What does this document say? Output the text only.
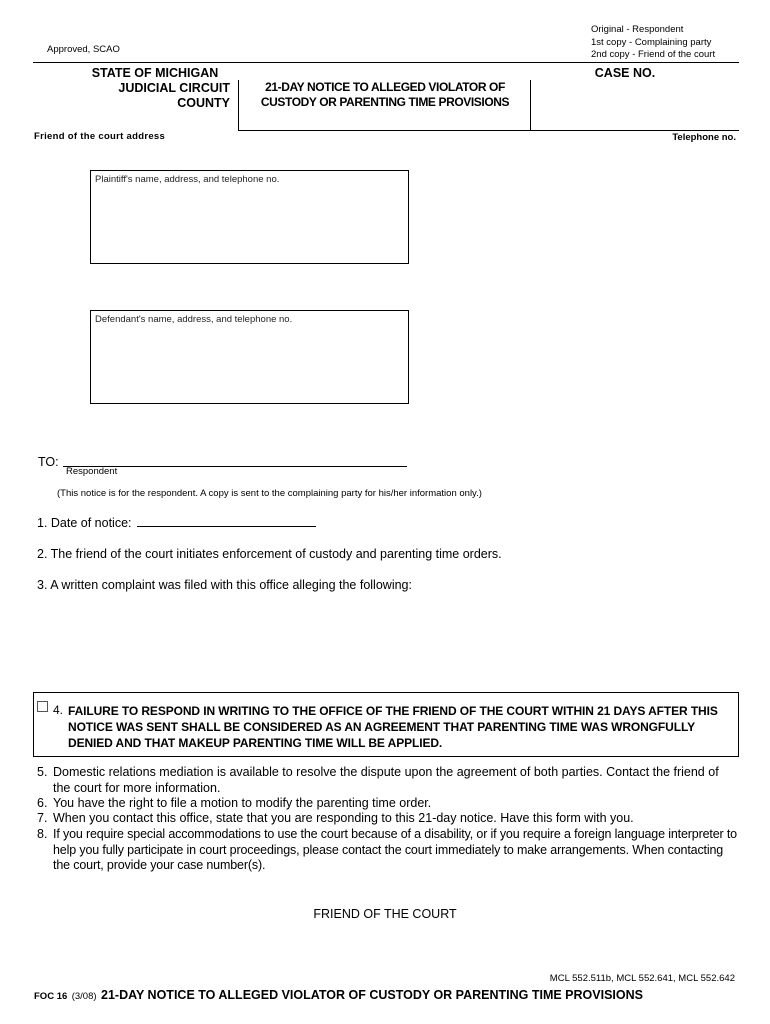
Original - Respondent
1st copy - Complaining party
2nd copy - Friend of the court
Approved, SCAO
STATE OF MICHIGAN
JUDICIAL CIRCUIT
COUNTY
21-DAY NOTICE TO ALLEGED VIOLATOR OF
CUSTODY OR PARENTING TIME PROVISIONS
CASE NO.
Friend of the court address	Telephone no.
Plaintiff's name, address, and telephone no.
Defendant's name, address, and telephone no.
TO:
Respondent
(This notice is for the respondent. A copy is sent to the complaining party for his/her information only.)
1. Date of notice:
2. The friend of the court initiates enforcement of custody and parenting time orders.
3. A written complaint was filed with this office alleging the following:
4. FAILURE TO RESPOND IN WRITING TO THE OFFICE OF THE FRIEND OF THE COURT WITHIN 21 DAYS AFTER THIS NOTICE WAS SENT SHALL BE CONSIDERED AS AN AGREEMENT THAT PARENTING TIME WAS WRONGFULLY DENIED AND THAT MAKEUP PARENTING TIME WILL BE APPLIED.
5. Domestic relations mediation is available to resolve the dispute upon the agreement of both parties. Contact the friend of the court for more information.
6. You have the right to file a motion to modify the parenting time order.
7. When you contact this office, state that you are responding to this 21-day notice. Have this form with you.
8. If you require special accommodations to use the court because of a disability, or if you require a foreign language interpreter to help you fully participate in court proceedings, please contact the court immediately to make arrangements. When contacting the court, provide your case number(s).
FRIEND OF THE COURT
MCL 552.511b, MCL 552.641, MCL 552.642
FOC 16 (3/08) 21-DAY NOTICE TO ALLEGED VIOLATOR OF CUSTODY OR PARENTING TIME PROVISIONS
